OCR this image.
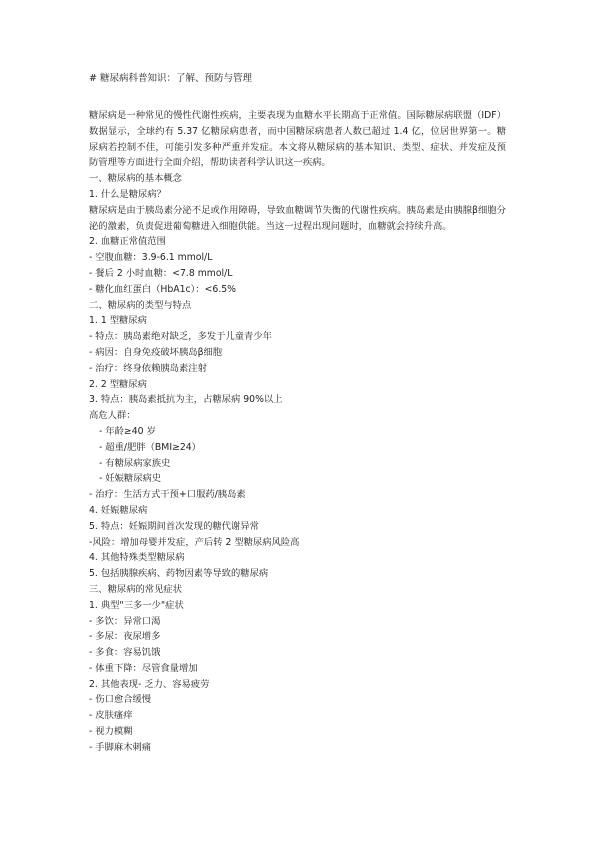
# 糖尿病科普知识：了解、预防与管理

糖尿病是一种常见的慢性代谢性疾病，主要表现为血糖水平长期高于正常值。国际糖尿病联盟（IDF）数据显示，全球约有 5.37 亿糖尿病患者，而中国糖尿病患者人数已超过 1.4 亿，位居世界第一。糖尿病若控制不佳，可能引发多种严重并发症。本文将从糖尿病的基本知识、类型、症状、并发症及预防管理等方面进行全面介绍，帮助读者科学认识这一疾病。

一、糖尿病的基本概念

1. 什么是糖尿病？

糖尿病是由于胰岛素分泌不足或作用障碍，导致血糖调节失衡的代谢性疾病。胰岛素是由胰腺β细胞分泌的激素，负责促进葡萄糖进入细胞供能。当这一过程出现问题时，血糖就会持续升高。

2. 血糖正常值范围

- 空腹血糖：3.9-6.1 mmol/L

- 餐后 2 小时血糖：<7.8 mmol/L

- 糖化血红蛋白（HbA1c）：<6.5%

二、糖尿病的类型与特点

1. 1 型糖尿病

- 特点：胰岛素绝对缺乏，多发于儿童青少年

- 病因：自身免疫破坏胰岛β细胞

- 治疗：终身依赖胰岛素注射

2. 2 型糖尿病

3. 特点：胰岛素抵抗为主，占糖尿病 90%以上

高危人群：

- 年龄≥40 岁

- 超重/肥胖（BMI≥24）

- 有糖尿病家族史

- 妊娠糖尿病史

- 治疗：生活方式干预+口服药/胰岛素

4. 妊娠糖尿病

5. 特点：妊娠期间首次发现的糖代谢异常

-风险：增加母婴并发症，产后转 2 型糖尿病风险高

4. 其他特殊类型糖尿病

5. 包括胰腺疾病、药物因素等导致的糖尿病

三、糖尿病的常见症状

1. 典型"三多一少"症状

- 多饮：异常口渴

- 多尿：夜尿增多

- 多食：容易饥饿

- 体重下降：尽管食量增加

2. 其他表现- 乏力、容易疲劳

- 伤口愈合缓慢

- 皮肤瘙痒

- 视力模糊

- 手脚麻木刺痛
